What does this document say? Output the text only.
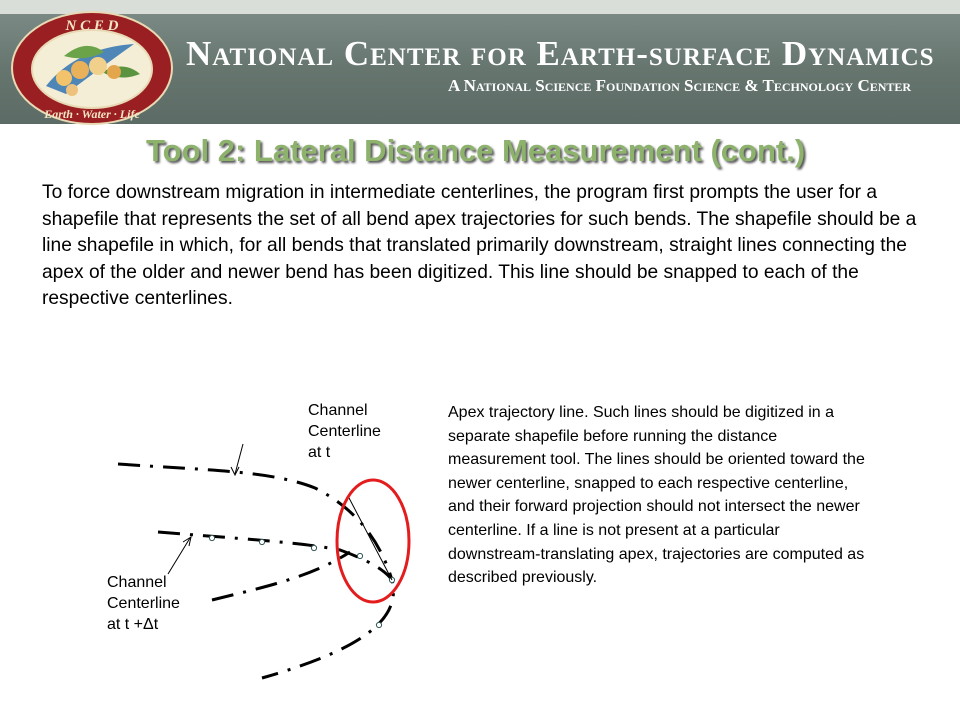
N C E D
Earth · Water · Life
National Center for Earth-surface Dynamics
A National Science Foundation Science & Technology Center
Tool 2: Lateral Distance Measurement (cont.)

To force downstream migration in intermediate centerlines, the program first prompts the user for a shapefile that represents the set of all bend apex trajectories for such bends. The shapefile should be a line shapefile in which, for all bends that translated primarily downstream, straight lines connecting the apex of the older and newer bend has been digitized. This line should be snapped to each of the respective centerlines.

Channel
Centerline
at t

Channel
Centerline
at t +Δt

Apex trajectory line. Such lines should be digitized in a separate shapefile before running the distance measurement tool. The lines should be oriented toward the newer centerline, snapped to each respective centerline, and their forward projection should not intersect the newer centerline. If a line is not present at a particular downstream-translating apex, trajectories are computed as described previously.
